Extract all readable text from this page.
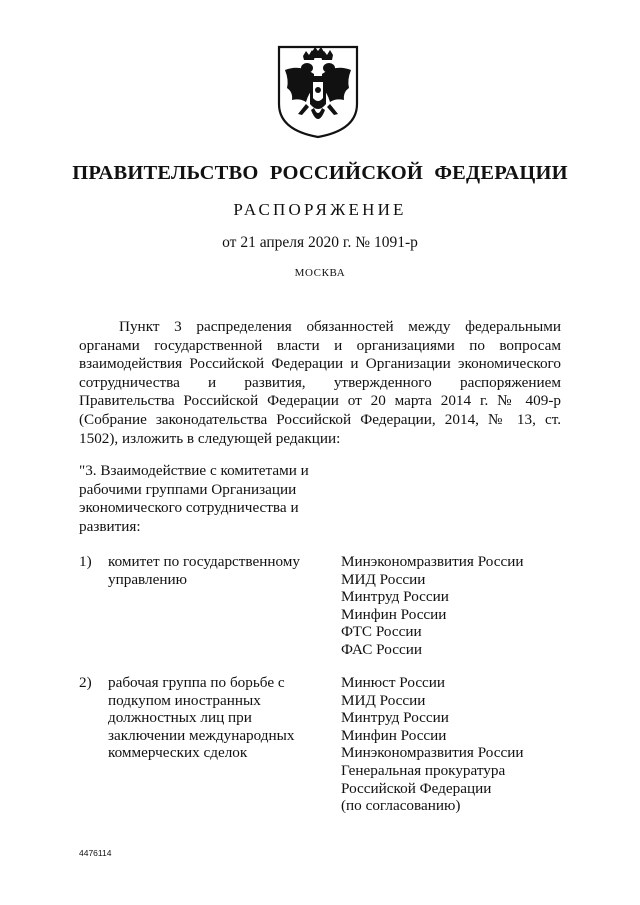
ПРАВИТЕЛЬСТВО РОССИЙСКОЙ ФЕДЕРАЦИИ
РАСПОРЯЖЕНИЕ
от 21 апреля 2020 г. № 1091-р
МОСКВА

Пункт 3 распределения обязанностей между федеральными органами государственной власти и организациями по вопросам взаимодействия Российской Федерации и Организации экономического сотрудничества и развития, утвержденного распоряжением Правительства Российской Федерации от 20 марта 2014 г. № 409-р (Собрание законодательства Российской Федерации, 2014, № 13, ст. 1502), изложить в следующей редакции:

"3. Взаимодействие с комитетами и рабочими группами Организации экономического сотрудничества и развития:
1)	комитет по государственному управлению
Минэкономразвития России
МИД России
Минтруд России
Минфин России
ФТС России
ФАС России
2)	рабочая группа по борьбе с подкупом иностранных должностных лиц при заключении международных коммерческих сделок
Минюст России
МИД России
Минтруд России
Минфин России
Минэкономразвития России
Генеральная прокуратура
Российской Федерации
(по согласованию)
4476114
